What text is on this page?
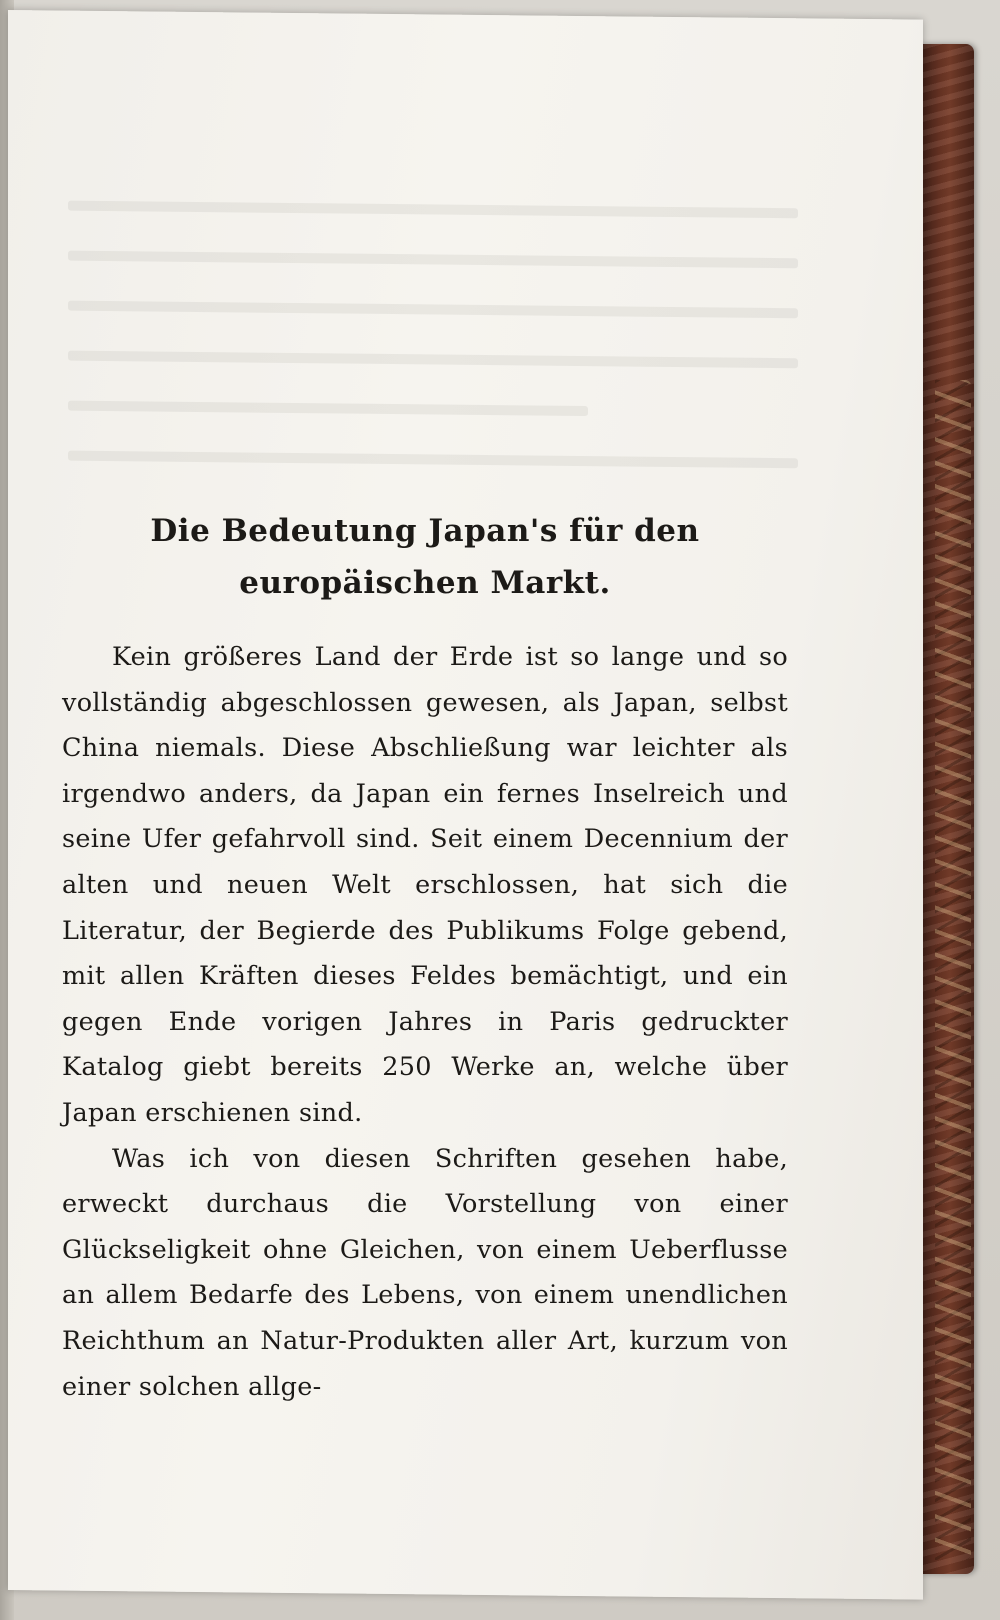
Die Bedeutung Japan's für den europäischen Markt.

Kein größeres Land der Erde ist so lange und so vollständig abgeschlossen gewesen, als Japan, selbst China niemals. Diese Abschließung war leichter als irgendwo anders, da Japan ein fernes Inselreich und seine Ufer gefahrvoll sind. Seit einem Decennium der alten und neuen Welt erschlossen, hat sich die Literatur, der Begierde des Publikums Folge gebend, mit allen Kräften dieses Feldes bemächtigt, und ein gegen Ende vorigen Jahres in Paris gedruckter Katalog giebt bereits 250 Werke an, welche über Japan erschienen sind.

Was ich von diesen Schriften gesehen habe, erweckt durchaus die Vorstellung von einer Glückseligkeit ohne Gleichen, von einem Ueberflusse an allem Bedarfe des Lebens, von einem unendlichen Reichthum an Natur-Produkten aller Art, kurzum von einer solchen allge-
